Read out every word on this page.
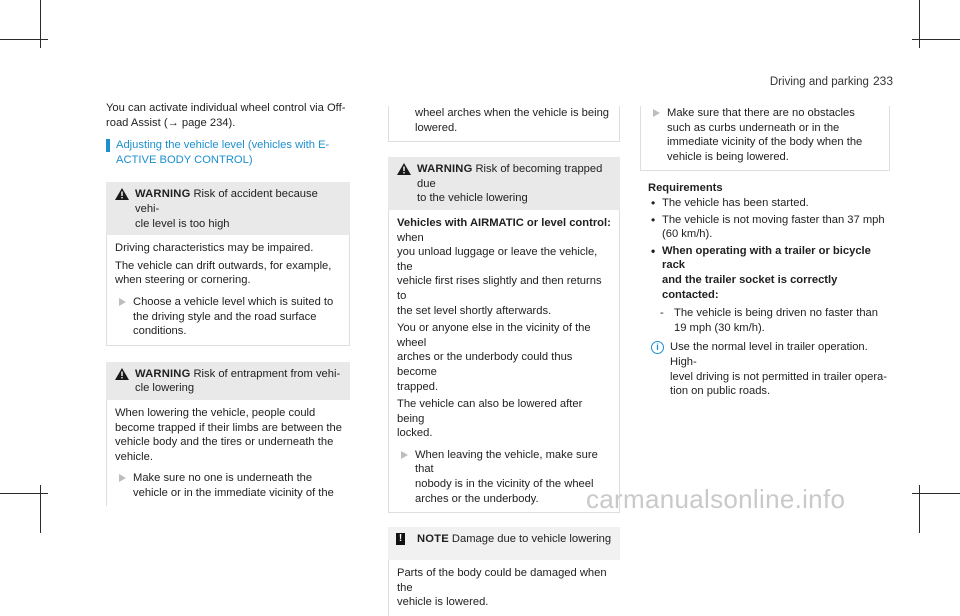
Driving and parking 233

You can activate individual wheel control via Off-
road Assist (→ page 234).

Adjusting the vehicle level (vehicles with E-
ACTIVE BODY CONTROL)
WARNING Risk of accident because vehi-
cle level is too high

Driving characteristics may be impaired.

The vehicle can drift outwards, for example,
when steering or cornering.

Choose a vehicle level which is suited to
the driving style and the road surface
conditions.
WARNING Risk of entrapment from vehi-
cle lowering

When lowering the vehicle, people could
become trapped if their limbs are between the
vehicle body and the tires or underneath the
vehicle.

Make sure no one is underneath the
vehicle or in the immediate vicinity of the
wheel arches when the vehicle is being
lowered.
WARNING Risk of becoming trapped due
to the vehicle lowering

Vehicles with AIRMATIC or level control: when
you unload luggage or leave the vehicle, the
vehicle first rises slightly and then returns to
the set level shortly afterwards.

You or anyone else in the vicinity of the wheel
arches or the underbody could thus become
trapped.

The vehicle can also be lowered after being
locked.

When leaving the vehicle, make sure that
nobody is in the vicinity of the wheel
arches or the underbody.
! NOTE Damage due to vehicle lowering
Parts of the body could be damaged when the
vehicle is lowered.
Make sure that there are no obstacles
such as curbs underneath or in the
immediate vicinity of the body when the
vehicle is being lowered.

Requirements

• The vehicle has been started.

• The vehicle is not moving faster than 37 mph
(60 km/h).

• When operating with a trailer or bicycle rack
and the trailer socket is correctly contacted:

- The vehicle is being driven no faster than
19 mph (30 km/h).

i	Use the normal level in trailer operation. High-
level driving is not permitted in trailer opera-
tion on public roads.
carmanualsonline.info
